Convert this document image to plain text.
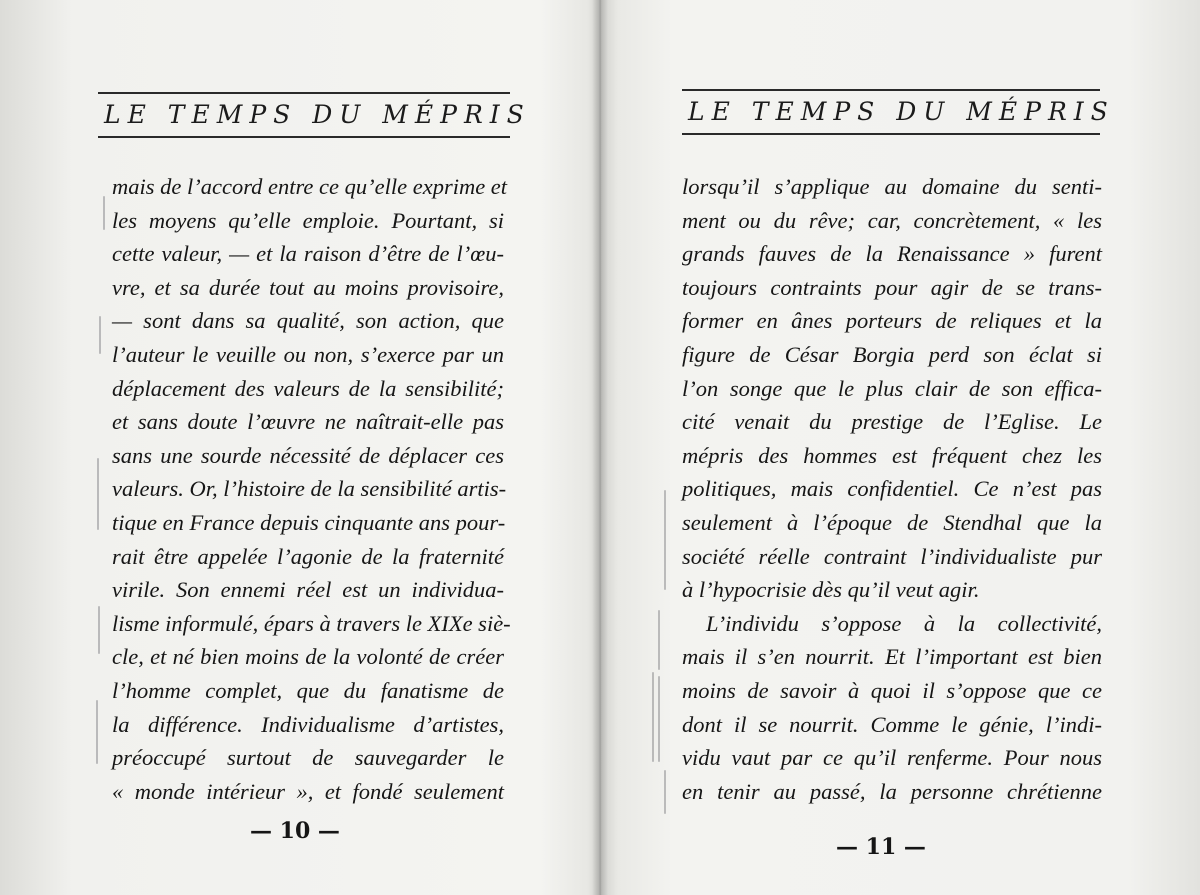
LE TEMPS DU MÉPRIS
mais de l’accord entre ce qu’elle exprime et
les moyens qu’elle emploie. Pourtant, si
cette valeur, — et la raison d’être de l’œu-
vre, et sa durée tout au moins provisoire,
— sont dans sa qualité, son action, que
l’auteur le veuille ou non, s’exerce par un
déplacement des valeurs de la sensibilité;
et sans doute l’œuvre ne naîtrait-elle pas
sans une sourde nécessité de déplacer ces
valeurs. Or, l’histoire de la sensibilité artis-
tique en France depuis cinquante ans pour-
rait être appelée l’agonie de la fraternité
virile. Son ennemi réel est un individua-
lisme informulé, épars à travers le XIXe siè-
cle, et né bien moins de la volonté de créer
l’homme complet, que du fanatisme de
la différence. Individualisme d’artistes,
préoccupé surtout de sauvegarder le
« monde intérieur », et fondé seulement
— 10 —
LE TEMPS DU MÉPRIS
lorsqu’il s’applique au domaine du senti-
ment ou du rêve; car, concrètement, « les
grands fauves de la Renaissance » furent
toujours contraints pour agir de se trans-
former en ânes porteurs de reliques et la
figure de César Borgia perd son éclat si
l’on songe que le plus clair de son effica-
cité venait du prestige de l’Eglise. Le
mépris des hommes est fréquent chez les
politiques, mais confidentiel. Ce n’est pas
seulement à l’époque de Stendhal que la
société réelle contraint l’individualiste pur
à l’hypocrisie dès qu’il veut agir.
L’individu s’oppose à la collectivité,
mais il s’en nourrit. Et l’important est bien
moins de savoir à quoi il s’oppose que ce
dont il se nourrit. Comme le génie, l’indi-
vidu vaut par ce qu’il renferme. Pour nous
en tenir au passé, la personne chrétienne
— 11 —
